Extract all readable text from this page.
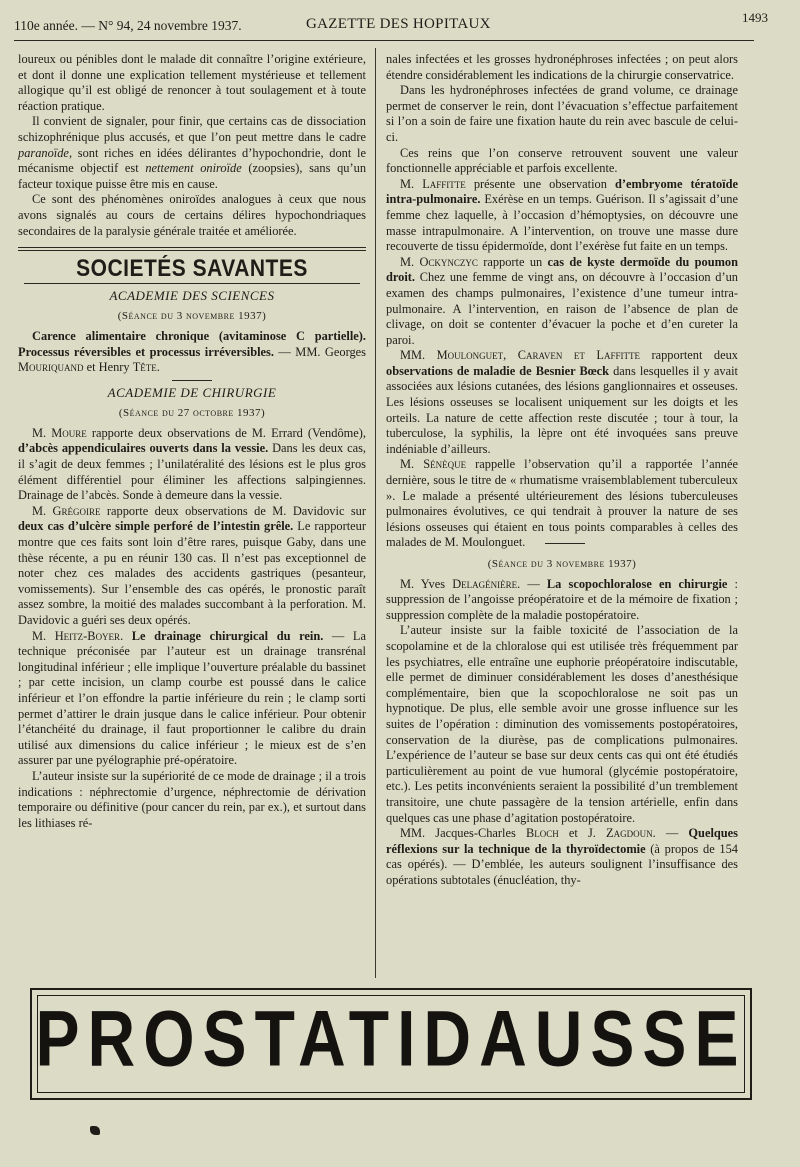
110e année. — N° 94, 24 novembre 1937.	GAZETTE DES HOPITAUX	1493

loureux ou pénibles dont le malade dit connaître l’origine extérieure, et dont il donne une explication tellement mystérieuse et tellement allogique qu’il est obligé de renoncer à tout soulagement et à toute réaction pratique.

Il convient de signaler, pour finir, que certains cas de dissociation schizophrénique plus accusés, et que l’on peut mettre dans le cadre paranoïde, sont riches en idées délirantes d’hypochondrie, dont le mécanisme objectif est nettement oniroïde (zoopsies), sans qu’un facteur toxique puisse être mis en cause.

Ce sont des phénomènes oniroïdes analogues à ceux que nous avons signalés au cours de certains délires hypochondriaques secondaires de la paralysie générale traitée et améliorée.

SOCIETÉS SAVANTES
ACADEMIE DES SCIENCES
(Séance du 3 novembre 1937)

Carence alimentaire chronique (avitaminose C partielle). Processus réversibles et processus irréversibles. — MM. Georges Mouriquand et Henry Tête.

ACADEMIE DE CHIRURGIE
(Séance du 27 octobre 1937)

M. Moure rapporte deux observations de M. Errard (Vendôme), d’abcès appendiculaires ouverts dans la vessie. Dans les deux cas, il s’agit de deux femmes ; l’unilatéralité des lésions est le plus gros élément différentiel pour éliminer les affections salpingiennes. Drainage de l’abcès. Sonde à demeure dans la vessie.

M. Grégoire rapporte deux observations de M. Davidovic sur deux cas d’ulcère simple perforé de l’intestin grêle. Le rapporteur montre que ces faits sont loin d’être rares, puisque Gaby, dans une thèse récente, a pu en réunir 130 cas. Il n’est pas exceptionnel de noter chez ces malades des accidents gastriques (pesanteur, vomissements). Sur l’ensemble des cas opérés, le pronostic paraît assez sombre, la moitié des malades succombant à la perforation. M. Davidovic a guéri ses deux opérés.

M. Heitz-Boyer. Le drainage chirurgical du rein. — La technique préconisée par l’auteur est un drainage transrénal longitudinal inférieur ; elle implique l’ouverture préalable du bassinet ; par cette incision, un clamp courbe est poussé dans le calice inférieur et l’on effondre la partie inférieure du rein ; le clamp sorti permet d’attirer le drain jusque dans le calice inférieur. Pour obtenir l’étanchéité du drainage, il faut proportionner le calibre du drain utilisé aux dimensions du calice inférieur ; le mieux est de s’en assurer par une pyélographie pré-opératoire.

L’auteur insiste sur la supériorité de ce mode de drainage ; il a trois indications : néphrectomie d’urgence, néphrectomie de dérivation temporaire ou définitive (pour cancer du rein, par ex.), et surtout dans les lithiases ré-

nales infectées et les grosses hydronéphroses infectées ; on peut alors étendre considérablement les indications de la chirurgie conservatrice.

Dans les hydronéphroses infectées de grand volume, ce drainage permet de conserver le rein, dont l’évacuation s’effectue parfaitement si l’on a soin de faire une fixation haute du rein avec bascule de celui-ci.

Ces reins que l’on conserve retrouvent souvent une valeur fonctionnelle appréciable et parfois excellente.

M. Laffitte présente une observation d’embryome tératoïde intra-pulmonaire. Exérèse en un temps. Guérison. Il s’agissait d’une femme chez laquelle, à l’occasion d’hémoptysies, on découvre une masse intrapulmonaire. A l’intervention, on trouve une masse dure recouverte de tissu épidermoïde, dont l’exérèse fut faite en un temps.

M. Ockynczyc rapporte un cas de kyste dermoïde du poumon droit. Chez une femme de vingt ans, on découvre à l’occasion d’un examen des champs pulmonaires, l’existence d’une tumeur intra-pulmonaire. A l’intervention, en raison de l’absence de plan de clivage, on doit se contenter d’évacuer la poche et d’en cureter la paroi.

MM. Moulonguet, Caraven et Laffitte rapportent deux observations de maladie de Besnier Bœck dans lesquelles il y avait associées aux lésions cutanées, des lésions ganglionnaires et osseuses. Les lésions osseuses se localisent uniquement sur les doigts et les orteils. La nature de cette affection reste discutée ; tour à tour, la tuberculose, la syphilis, la lèpre ont été invoquées sans preuve indéniable d’ailleurs.

M. Sénèque rappelle l’observation qu’il a rapportée l’année dernière, sous le titre de « rhumatisme vraisemblablement tuberculeux ». Le malade a présenté ultérieurement des lésions tuberculeuses pulmonaires évolutives, ce qui tendrait à prouver la nature de ses lésions osseuses qui étaient en tous points comparables à celles des malades de M. Moulonguet.

(Séance du 3 novembre 1937)

M. Yves Delagénière. — La scopochloralose en chirurgie : suppression de l’angoisse préopératoire et de la mémoire de fixation ; suppression complète de la maladie postopératoire.

L’auteur insiste sur la faible toxicité de l’association de la scopolamine et de la chloralose qui est utilisée très fréquemment par les psychiatres, elle entraîne une euphorie préopératoire indiscutable, elle permet de diminuer considérablement les doses d’anesthésique complémentaire, bien que la scopochloralose ne soit pas un hypnotique. De plus, elle semble avoir une grosse influence sur les suites de l’opération : diminution des vomissements postopératoires, conservation de la diurèse, pas de complications pulmonaires. L’expérience de l’auteur se base sur deux cents cas qui ont été étudiés particulièrement au point de vue humoral (glycémie postopératoire, etc.). Les petits inconvénients seraient la possibilité d’un tremblement transitoire, une chute passagère de la tension artérielle, enfin dans quelques cas une phase d’agitation postopératoire.

MM. Jacques-Charles Bloch et J. Zagdoun. — Quelques réflexions sur la technique de la thyroïdectomie (à propos de 154 cas opérés). — D’emblée, les auteurs soulignent l’insuffisance des opérations subtotales (énucléation, thy-

PROSTATIDAUSSE
